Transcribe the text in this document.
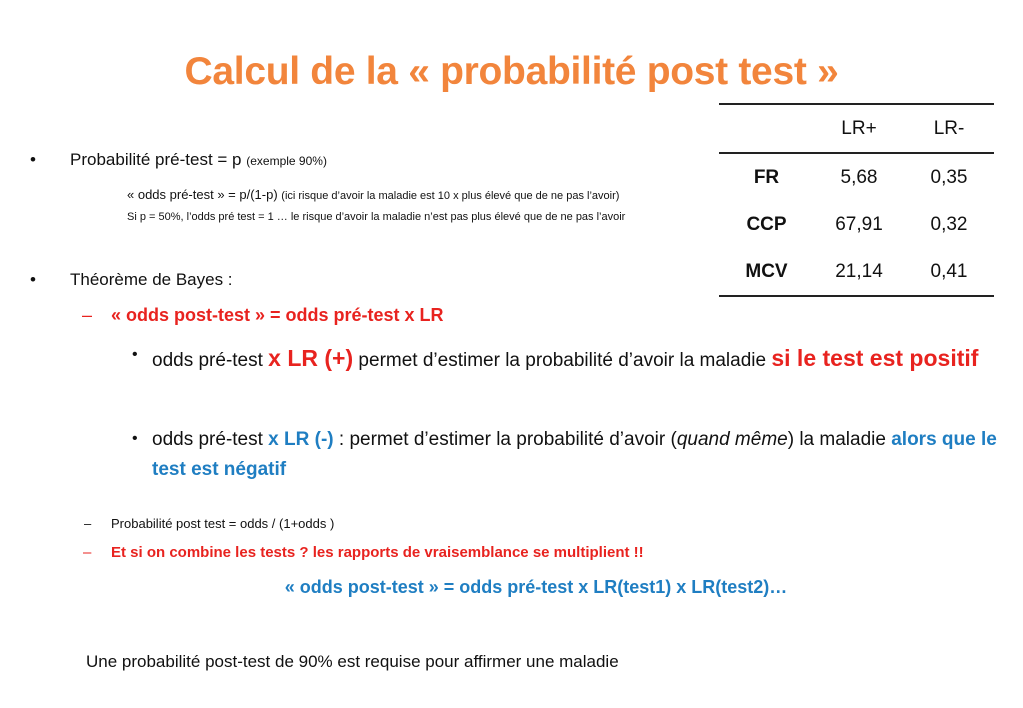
Calcul de la « probabilité post test »
	LR+	LR-
FR	5,68	0,35
CCP	67,91	0,32
MCV	21,14	0,41
• Probabilité pré-test = p (exemple 90%)
« odds pré-test » = p/(1-p) (ici risque d’avoir la maladie est 10 x plus élevé que de ne pas l’avoir)
Si p = 50%, l’odds pré test = 1 … le risque d’avoir la maladie n’est pas plus élevé que de ne pas l’avoir
• Théorème de Bayes :
– « odds post-test » = odds pré-test x LR
• odds pré-test x LR (+) permet d’estimer la probabilité d’avoir la maladie si le test est positif
• odds pré-test x LR (-) : permet d’estimer la probabilité d’avoir (quand même) la maladie alors que le test est négatif
– Probabilité post test = odds / (1+odds )
– Et si on combine les tests ? les rapports de vraisemblance se multiplient !!
« odds post-test » = odds pré-test x LR(test1) x LR(test2)…
Une probabilité post-test de 90% est requise pour affirmer une maladie
